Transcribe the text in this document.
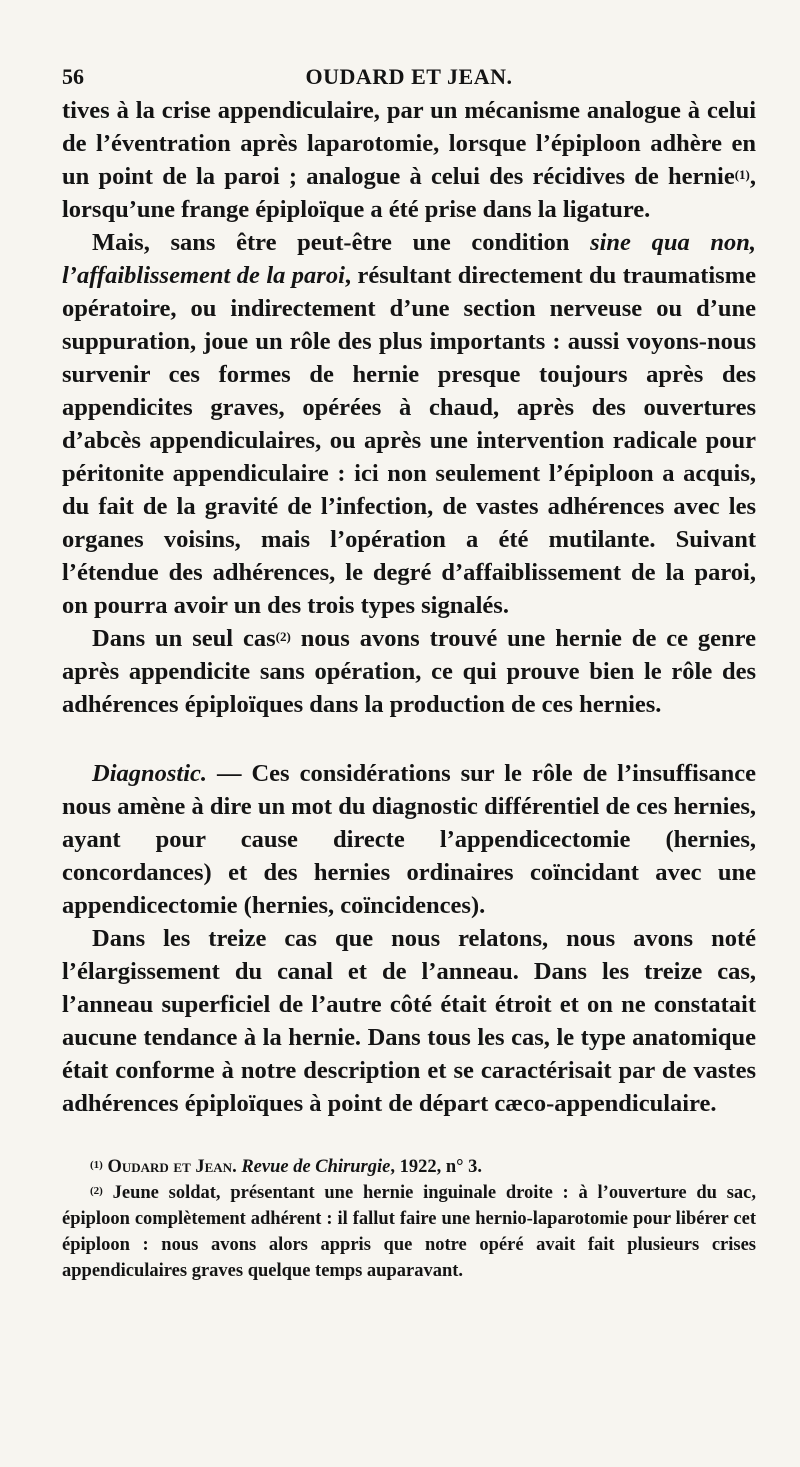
56	OUDARD ET JEAN.

tives à la crise appendiculaire, par un mécanisme analogue à celui de l’éventration après laparotomie, lorsque l’épiploon adhère en un point de la paroi ; analogue à celui des récidives de hernie$^{(1)}$, lorsqu’une frange épiploïque a été prise dans la ligature.

Mais, sans être peut-être une condition sine qua non, l’affaiblissement de la paroi, résultant directement du traumatisme opératoire, ou indirectement d’une section nerveuse ou d’une suppuration, joue un rôle des plus importants : aussi voyons-nous survenir ces formes de hernie presque toujours après des appendicites graves, opérées à chaud, après des ouvertures d’abcès appendiculaires, ou après une intervention radicale pour péritonite appendiculaire : ici non seulement l’épiploon a acquis, du fait de la gravité de l’infection, de vastes adhérences avec les organes voisins, mais l’opération a été mutilante. Suivant l’étendue des adhérences, le degré d’affaiblissement de la paroi, on pourra avoir un des trois types signalés.

Dans un seul cas$^{(2)}$ nous avons trouvé une hernie de ce genre après appendicite sans opération, ce qui prouve bien le rôle des adhérences épiploïques dans la production de ces hernies.

Diagnostic. — Ces considérations sur le rôle de l’insuffisance nous amène à dire un mot du diagnostic différentiel de ces hernies, ayant pour cause directe l’appendicectomie (hernies, concordances) et des hernies ordinaires coïncidant avec une appendicectomie (hernies, coïncidences).

Dans les treize cas que nous relatons, nous avons noté l’élargissement du canal et de l’anneau. Dans les treize cas, l’anneau superficiel de l’autre côté était étroit et on ne constatait aucune tendance à la hernie. Dans tous les cas, le type anatomique était conforme à notre description et se caractérisait par de vastes adhérences épiploïques à point de départ cæco-appendiculaire.

$^{(1)}$ Oudard et Jean. Revue de Chirurgie, 1922, n° 3.

$^{(2)}$ Jeune soldat, présentant une hernie inguinale droite : à l’ouverture du sac, épiploon complètement adhérent : il fallut faire une hernio-laparotomie pour libérer cet épiploon : nous avons alors appris que notre opéré avait fait plusieurs crises appendiculaires graves quelque temps auparavant.
